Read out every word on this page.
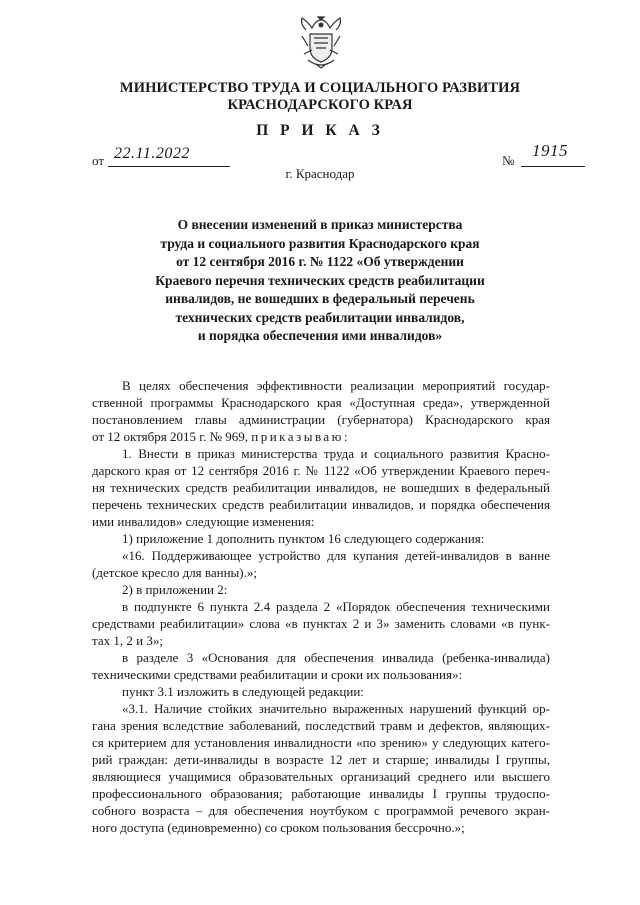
МИНИСТЕРСТВО ТРУДА И СОЦИАЛЬНОГО РАЗВИТИЯ
КРАСНОДАРСКОГО КРАЯ
П Р И К А З
от 22.11.2022	№
1915
г. Краснодар
О внесении изменений в приказ министерства
труда и социального развития Краснодарского края
от 12 сентября 2016 г. № 1122 «Об утверждении
Краевого перечня технических средств реабилитации
инвалидов, не вошедших в федеральный перечень
технических средств реабилитации инвалидов,
и порядка обеспечения ими инвалидов»
В целях обеспечения эффективности реализации мероприятий государ-
ственной программы Краснодарского края «Доступная среда», утвержденной
постановлением главы администрации (губернатора) Краснодарского края
от 12 октября 2015 г. № 969, приказываю:
1. Внести в приказ министерства труда и социального развития Красно-
дарского края от 12 сентября 2016 г. № 1122 «Об утверждении Краевого переч-
ня технических средств реабилитации инвалидов, не вошедших в федеральный
перечень технических средств реабилитации инвалидов, и порядка обеспечения
ими инвалидов» следующие изменения:
1) приложение 1 дополнить пунктом 16 следующего содержания:
«16. Поддерживающее устройство для купания детей-инвалидов в ванне
(детское кресло для ванны).»;
2) в приложении 2:
в подпункте 6 пункта 2.4 раздела 2 «Порядок обеспечения техническими
средствами реабилитации» слова «в пунктах 2 и 3» заменить словами «в пунк-
тах 1, 2 и 3»;
в разделе 3 «Основания для обеспечения инвалида (ребенка-инвалида)
техническими средствами реабилитации и сроки их пользования»:
пункт 3.1 изложить в следующей редакции:
«3.1. Наличие стойких значительно выраженных нарушений функций ор-
гана зрения вследствие заболеваний, последствий травм и дефектов, являющих-
ся критерием для установления инвалидности «по зрению» у следующих катего-
рий граждан: дети-инвалиды в возрасте 12 лет и старше; инвалиды I группы,
являющиеся учащимися образовательных организаций среднего или высшего
профессионального образования; работающие инвалиды I группы трудоспо-
собного возраста – для обеспечения ноутбуком с программой речевого экран-
ного доступа (единовременно) со сроком пользования бессрочно.»;
